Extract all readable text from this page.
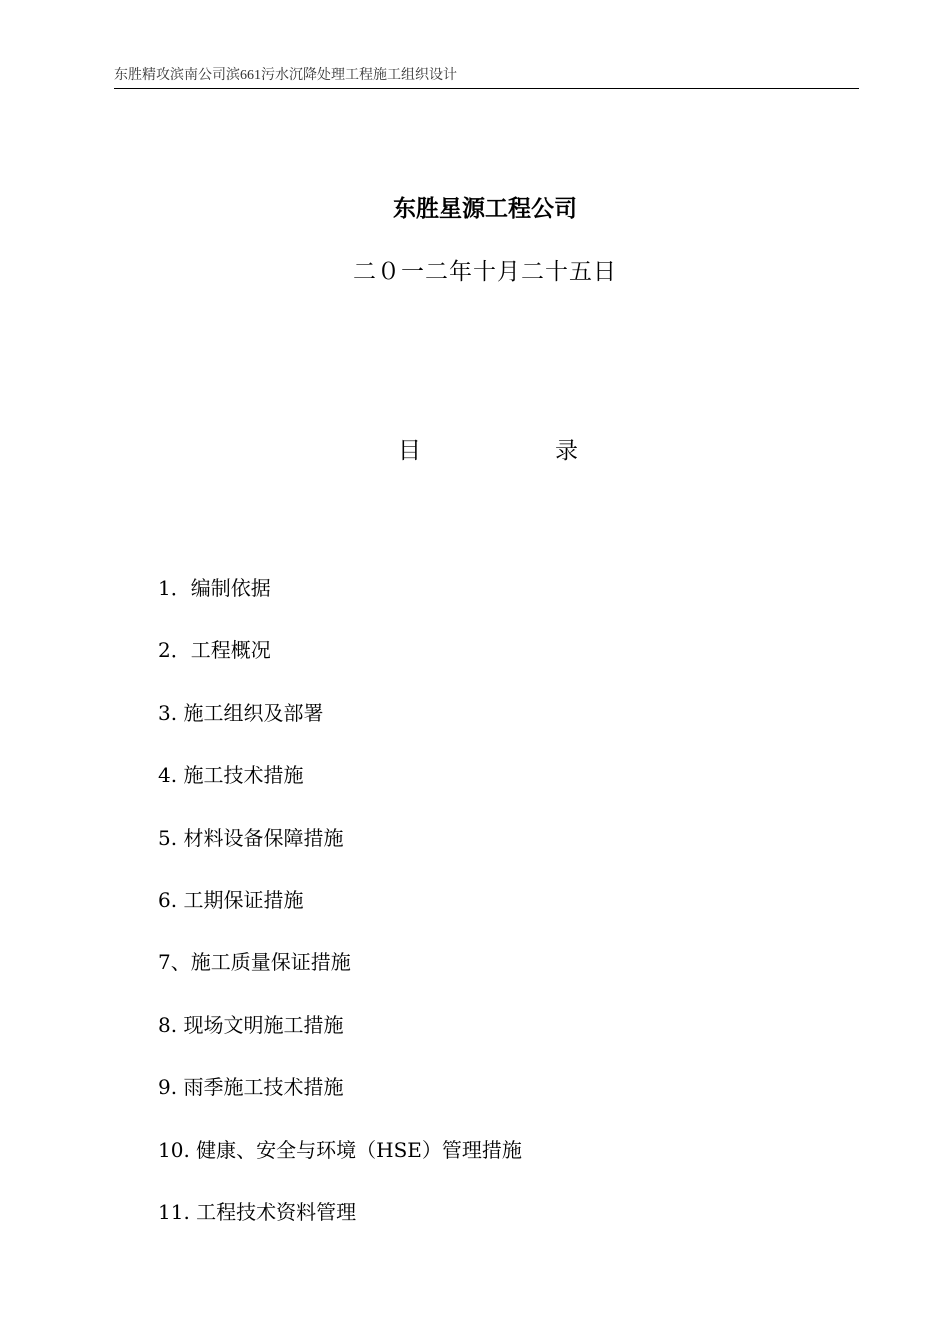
东胜精攻滨南公司滨661污水沉降处理工程施工组织设计
东胜星源工程公司
二０一二年十月二十五日
目	录
1．编制依据
2．工程概况
3. 施工组织及部署
4. 施工技术措施
5. 材料设备保障措施
6. 工期保证措施
7、施工质量保证措施
8. 现场文明施工措施
9. 雨季施工技术措施
10. 健康、安全与环境（HSE）管理措施
11. 工程技术资料管理
